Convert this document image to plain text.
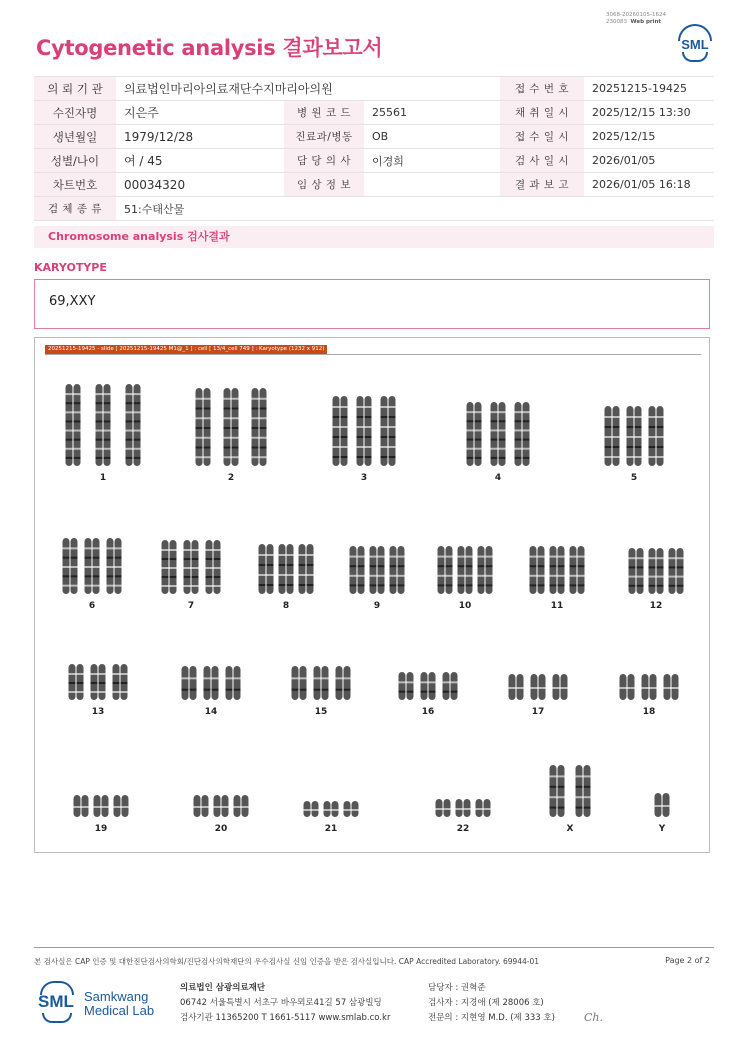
3068-20260105-1624
230083 Web print
Cytogenetic analysis 결과보고서	SML
의 뢰 기 관	의료법인마리아의료재단수지마리아의원			접 수 번 호	20251215-19425
수진자명	지은주	병 원 코 드	25561	채 취 일 시	2025/12/15 13:30
생년월일	1979/12/28	진료과/병동	OB	접 수 일 시	2025/12/15
성별/나이	여 / 45	담 당 의 사	이경희	검 사 일 시	2026/01/05
차트번호	00034320	임 상 정 보		결 과 보 고	2026/01/05 16:18
검 체 종 류	51:수태산물				
Chromosome analysis 검사결과
KARYOTYPE
69,XXY
1	2	3	4	5
6	7	8	9	10	11	12
13	14	15	16	17	18
19	20	21	22	X	Y
20251215-19425 - slide [ 20251215-19425 M1@_1 ] : cell [ 13/4_cell 749 ] : Karyotype (1232 x 912)
본 검사실은 CAP 인증 및 대한진단검사의학회/진단검사의학재단의 우수검사실 신임 인증을 받은 검사실입니다. CAP Accredited Laboratory. 69944-01	Page 2 of 2
SML Samkwang
Medical Lab
의료법인 삼광의료재단
06742 서울특별시 서초구 바우뫼로41길 57 삼광빌딩
검사기관 11365200 T 1661-5117 www.smlab.co.kr
담당자 : 권혁준
검사자 : 지경애 (제 28006 호)
전문의 : 지현영 M.D. (제 333 호)	Ch.
